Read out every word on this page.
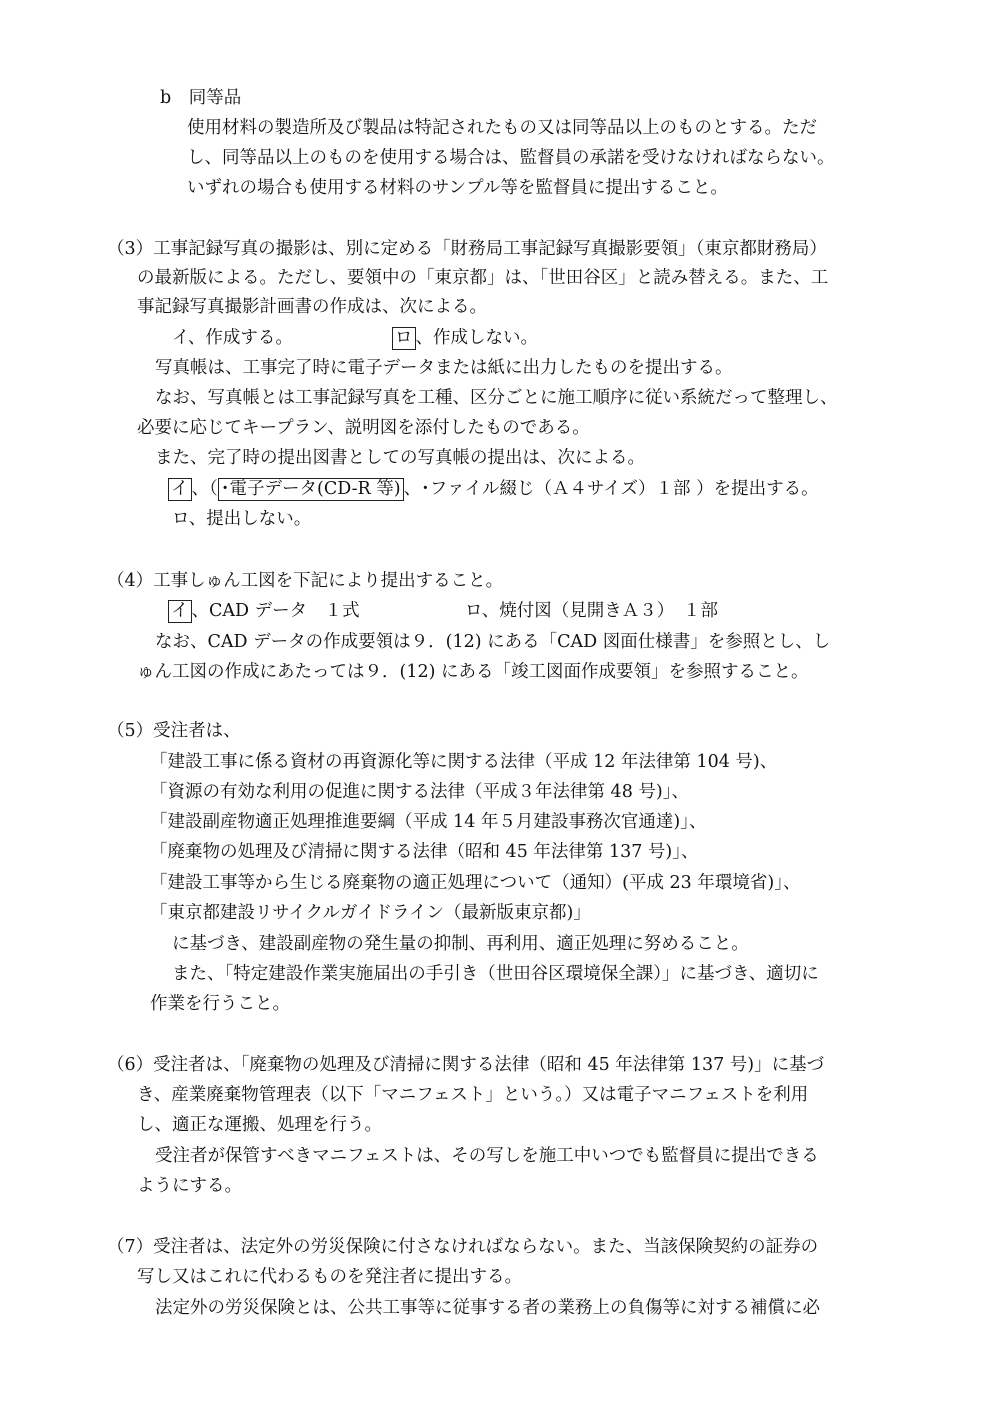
b　同等品
使用材料の製造所及び製品は特記されたもの又は同等品以上のものとする。ただ
し、同等品以上のものを使用する場合は、監督員の承諾を受けなければならない。
いずれの場合も使用する材料のサンプル等を監督員に提出すること。
（3）工事記録写真の撮影は、別に定める「財務局工事記録写真撮影要領」（東京都財務局）
の最新版による。ただし、要領中の「東京都」は、「世田谷区」と読み替える。また、工
事記録写真撮影計画書の作成は、次による。
イ、作成する。	ロ 、作成しない。
写真帳は、工事完了時に電子データまたは紙に出力したものを提出する。
なお、写真帳とは工事記録写真を工種、区分ごとに施工順序に従い系統だって整理し、
必要に応じてキープラン、説明図を添付したものである。
また、完了時の提出図書としての写真帳の提出は、次による。
イ 、（ ･電子データ(CD-R 等) 、･ファイル綴じ（Ａ４サイズ）１部 ）を提出する。
ロ、提出しない。
（4）工事しゅん工図を下記により提出すること。
イ 、CAD データ　１式	ロ、焼付図（見開きＡ３）　１部
なお、CAD データの作成要領は９．(12) にある「CAD 図面仕様書」を参照とし、し
ゅん工図の作成にあたっては９．(12) にある「竣工図面作成要領」を参照すること。
（5）受注者は、
「建設工事に係る資材の再資源化等に関する法律（平成 12 年法律第 104 号)、
「資源の有効な利用の促進に関する法律（平成３年法律第 48 号)」、
「建設副産物適正処理推進要綱（平成 14 年５月建設事務次官通達)」、
「廃棄物の処理及び清掃に関する法律（昭和 45 年法律第 137 号)」、
「建設工事等から生じる廃棄物の適正処理について（通知）(平成 23 年環境省)」、
「東京都建設リサイクルガイドライン（最新版東京都)」
に基づき、建設副産物の発生量の抑制、再利用、適正処理に努めること。
また、「特定建設作業実施届出の手引き（世田谷区環境保全課）」に基づき、適切に
作業を行うこと。
（6）受注者は、「廃棄物の処理及び清掃に関する法律（昭和 45 年法律第 137 号)」に基づ
き、産業廃棄物管理表（以下「マニフェスト」という。）又は電子マニフェストを利用
し、適正な運搬、処理を行う。
受注者が保管すべきマニフェストは、その写しを施工中いつでも監督員に提出できる
ようにする。
（7）受注者は、法定外の労災保険に付さなければならない。また、当該保険契約の証券の
写し又はこれに代わるものを発注者に提出する。
法定外の労災保険とは、公共工事等に従事する者の業務上の負傷等に対する補償に必
